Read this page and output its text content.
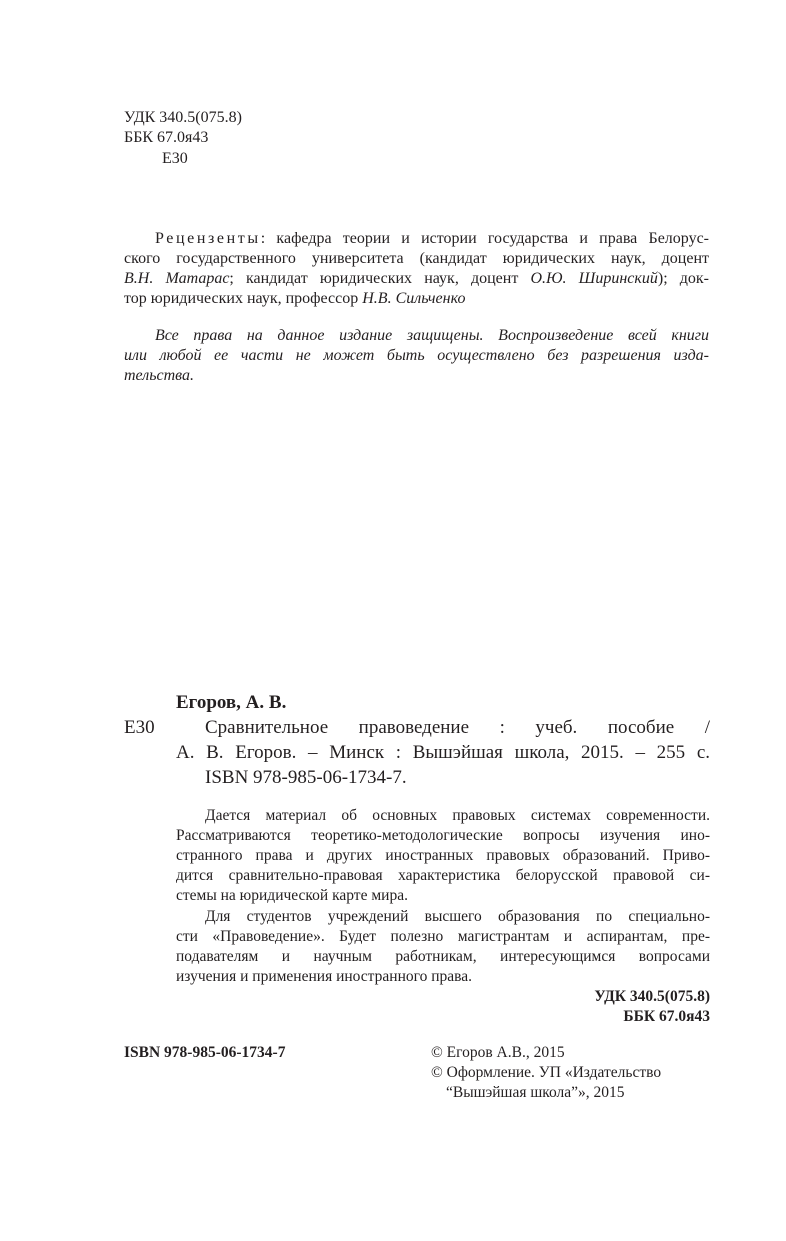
УДК 340.5(075.8)
ББК 67.0я43
Е30
Рецензенты: кафедра теории и истории государства и права Белорус-
ского государственного университета (кандидат юридических наук, доцент
В.Н. Матарас; кандидат юридических наук, доцент О.Ю. Ширинский); док-
тор юридических наук, профессор Н.В. Сильченко
Все права на данное издание защищены. Воспроизведение всей книги
или любой ее части не может быть осуществлено без разрешения изда-
тельства.
Егоров, А. В.
Е30	Сравнительное правоведение : учеб. пособие /
А. В. Егоров. – Минск : Вышэйшая школа, 2015. – 255 с.
ISBN 978-985-06-1734-7.
Дается материал об основных правовых системах современности.
Рассматриваются теоретико-методологические вопросы изучения ино-
странного права и других иностранных правовых образований. Приво-
дится сравнительно-правовая характеристика белорусской правовой си-
стемы на юридической карте мира.
Для студентов учреждений высшего образования по специально-
сти «Правоведение». Будет полезно магистрантам и аспирантам, пре-
подавателям и научным работникам, интересующимся вопросами
изучения и применения иностранного права.
УДК 340.5(075.8)
ББК 67.0я43
ISBN 978-985-06-1734-7	© Егоров А.В., 2015
© Оформление. УП «Издательство
“Вышэйшая школа”», 2015
